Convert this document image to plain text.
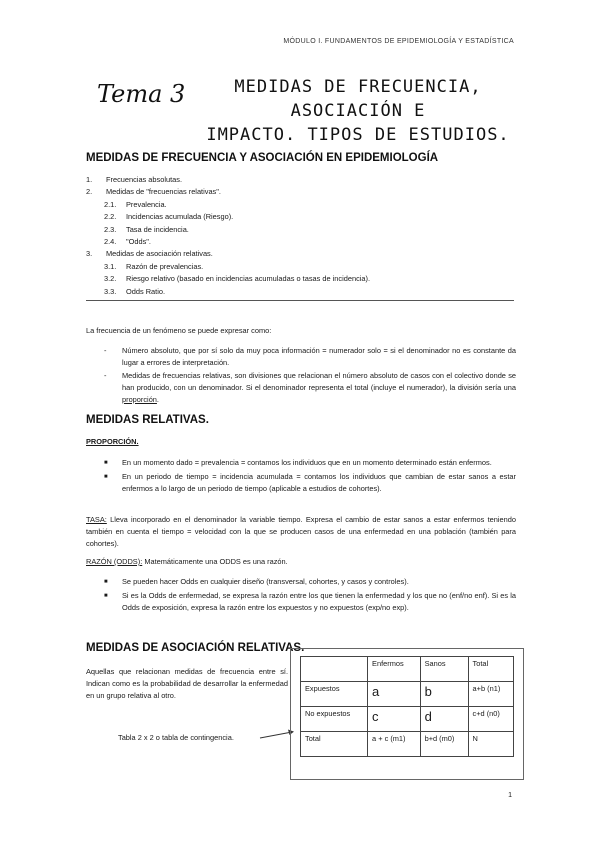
MÓDULO I. FUNDAMENTOS DE EPIDEMIOLOGÍA Y ESTADÍSTICA
Tema 3	MEDIDAS DE FRECUENCIA, ASOCIACIÓN E
IMPACTO. TIPOS DE ESTUDIOS.
MEDIDAS DE FRECUENCIA Y ASOCIACIÓN EN EPIDEMIOLOGÍA
1.	Frecuencias absolutas.
2.	Medidas de "frecuencias relativas".
2.1.	Prevalencia.
2.2.	Incidencias acumulada (Riesgo).
2.3.	Tasa de incidencia.
2.4.	"Odds".
3.	Medidas de asociación relativas.
3.1.	Razón de prevalencias.
3.2.	Riesgo relativo (basado en incidencias acumuladas o tasas de incidencia).
3.3.	Odds Ratio.
La frecuencia de un fenómeno se puede expresar como:
-	Número absoluto, que por sí solo da muy poca información = numerador solo = si el denominador no es constante da lugar a errores de interpretación.
-	Medidas de frecuencias relativas, son divisiones que relacionan el número absoluto de casos con el colectivo donde se han producido, con un denominador. Si el denominador representa el total (incluye el numerador), la división sería una proporción.
MEDIDAS RELATIVAS.
PROPORCIÓN.
■	En un momento dado = prevalencia = contamos los individuos que en un momento determinado están enfermos.
■	En un periodo de tiempo = incidencia acumulada = contamos los individuos que cambian de estar sanos a estar enfermos a lo largo de un periodo de tiempo (aplicable a estudios de cohortes).
TASA: Lleva incorporado en el denominador la variable tiempo. Expresa el cambio de estar sanos a estar enfermos teniendo también en cuenta el tiempo = velocidad con la que se producen casos de una enfermedad en una población (también para cohortes).
RAZÓN (ODDS): Matemáticamente una ODDS es una razón.
■	Se pueden hacer Odds en cualquier diseño (transversal, cohortes, y casos y controles).
■	Si es la Odds de enfermedad, se expresa la razón entre los que tienen la enfermedad y los que no (enf/no enf). Si es la Odds de exposición, expresa la razón entre los expuestos y no expuestos (exp/no exp).
MEDIDAS DE ASOCIACIÓN RELATIVAS.
Aquellas que relacionan medidas de frecuencia entre sí. Indican como es la probabilidad de desarrollar la enfermedad en un grupo relativa al otro.
Tabla 2 x 2 o tabla de contingencia.
	Enfermos	Sanos	Total
Expuestos	a	b	a+b (n1)
No expuestos	c	d	c+d (n0)
Total	a + c (m1)	b+d (m0)	N
1
